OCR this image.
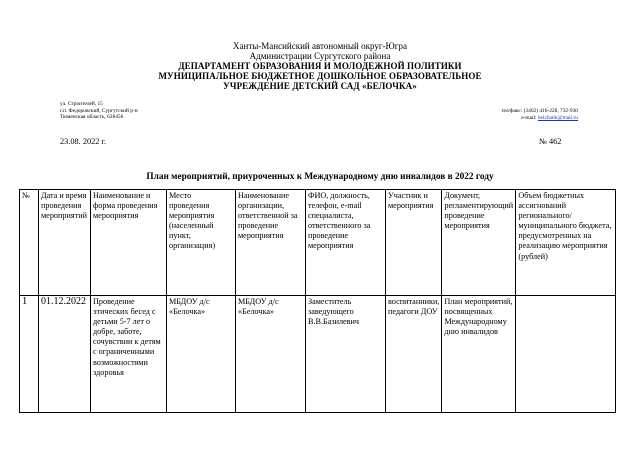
Ханты-Мансийский автономный округ-Югра
Администрации Сургутского района
ДЕПАРТАМЕНТ ОБРАЗОВАНИЯ И МОЛОДЕЖНОЙ ПОЛИТИКИ
МУНИЦИПАЛЬНОЕ БЮДЖЕТНОЕ ДОШКОЛЬНОЕ ОБРАЗОВАТЕЛЬНОЕ
УЧРЕЖДЕНИЕ ДЕТСКИЙ САД «БЕЛОЧКА»
ул. Строителей, 15
г.п. Федоровский, Сургутский р-н
Тюменская область, 628456
тел/факс: (3462) 416-228, 732-930
e-mail: belchatik@mail.ru
23.08. 2022 г.	№ 462
План мероприятий, приуроченных к Международному дню инвалидов в 2022 году
№	Дата и время проведения мероприятий	Наименование и форма проведения мероприятия	Место проведения мероприятия (населенный пункт, организация)	Наименование организации, ответственной за проведение мероприятия	ФИО, должность, телефон, e-mail специалиста, ответственного за проведение мероприятия	Участник и мероприятия	Документ, регламентирующий проведение мероприятия	Объем бюджетных ассигнований регионального/ муниципального бюджета, предусмотренных на реализацию мероприятия (рублей)
1	01.12.2022	Проведение этических бесед с детьми 5-7 лет о добре, заботе, сочувствии к детям с ограниченными возможностями здоровья	МБДОУ д/с «Белочка»	МБДОУ д/с «Белочка»	Заместитель заведующего В.В.Базилевич	воспитанники, педагоги ДОУ	План мероприятий, посвященных Международному дню инвалидов	
